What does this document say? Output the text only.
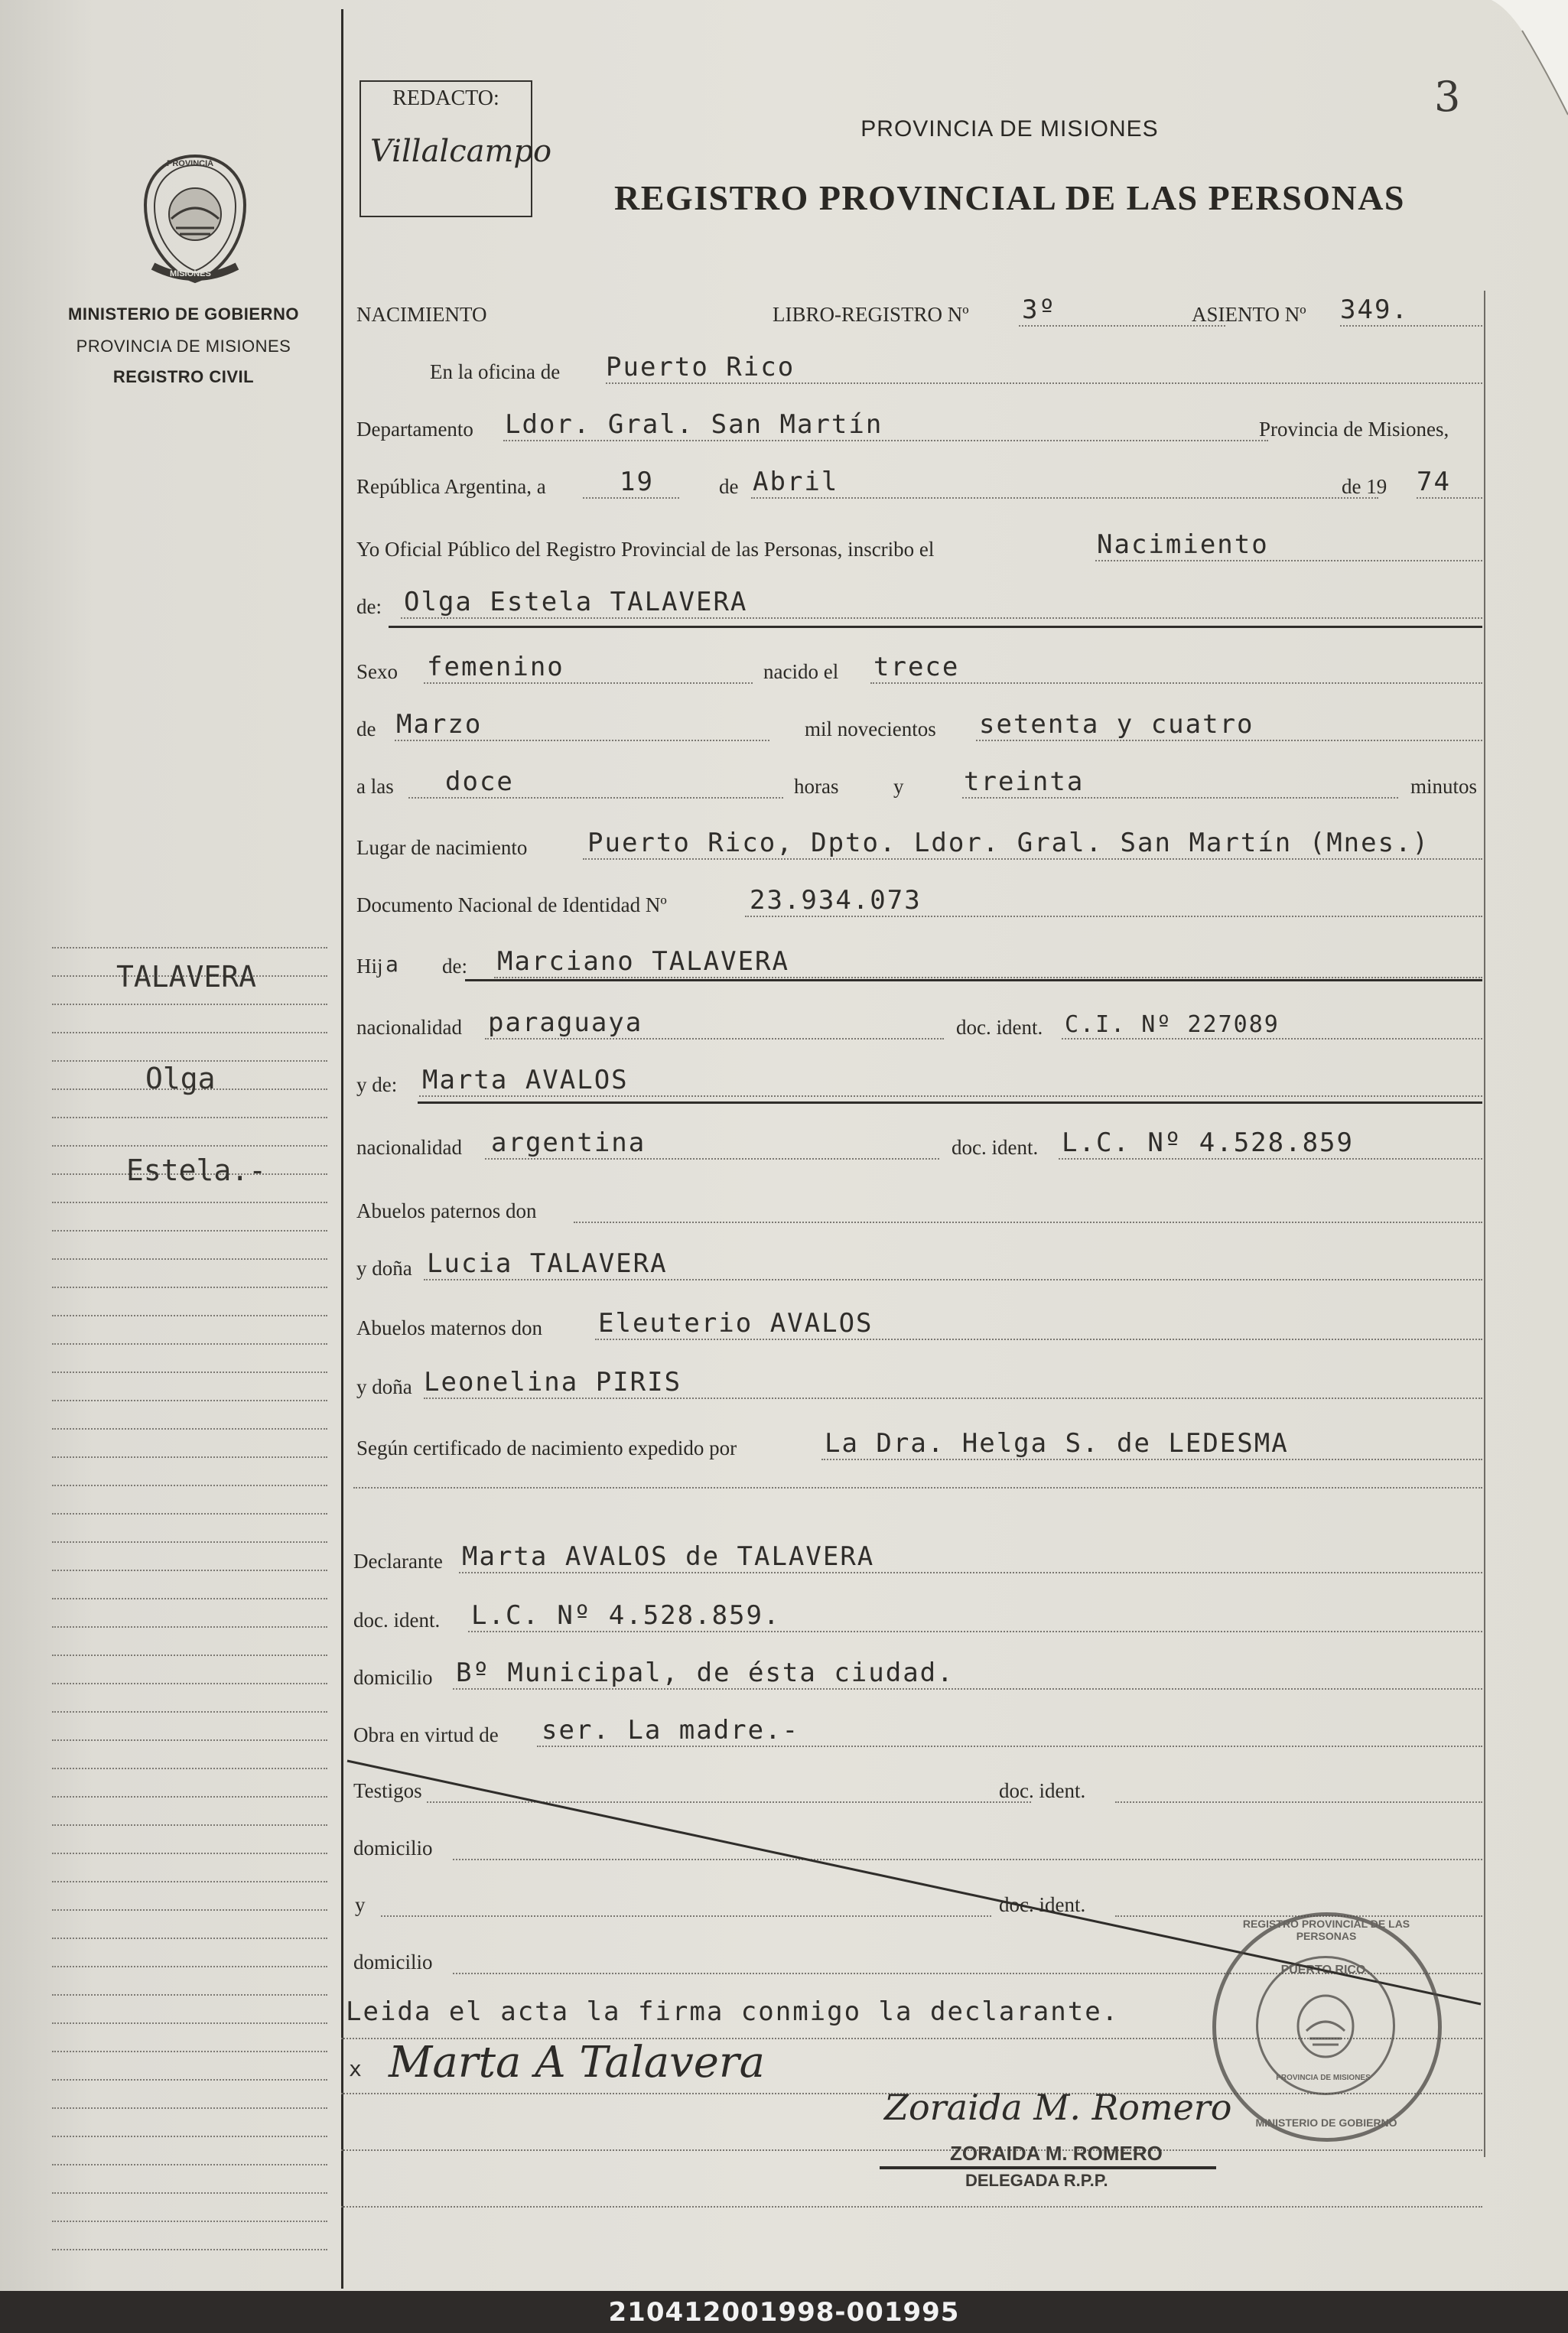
3
PROVINCIA
MISIONES
MINISTERIO DE GOBIERNO
PROVINCIA DE MISIONES
REGISTRO CIVIL
TALAVERA
Olga
Estela.-
REDACTO:
Villalcampo
PROVINCIA DE MISIONES
REGISTRO PROVINCIAL DE LAS PERSONAS
NACIMIENTO	LIBRO-REGISTRO Nº 3º	ASIENTO Nº 349.
En la oficina de Puerto Rico
Departamento Ldor. Gral. San Martín	Provincia de Misiones,
República Argentina, a	19	de Abril	de 19 74
Yo Oficial Público del Registro Provincial de las Personas, inscribo el	Nacimiento
de: Olga Estela TALAVERA
Sexo femenino	nacido el trece
de Marzo	mil novecientos setenta y cuatro
a las doce	horas	y treinta	minutos
Lugar de nacimiento Puerto Rico, Dpto. Ldor. Gral. San Martín (Mnes.)
Documento Nacional de Identidad Nº	23.934.073
Hij a de: Marciano TALAVERA
nacionalidad paraguaya	doc. ident. C.I. Nº 227089
y de: Marta AVALOS
nacionalidad argentina	doc. ident. L.C. Nº 4.528.859
Abuelos paternos don
y doña Lucia TALAVERA
Abuelos maternos don Eleuterio AVALOS
y doña Leonelina PIRIS
Según certificado de nacimiento expedido por	La Dra. Helga S. de LEDESMA
Declarante Marta AVALOS de TALAVERA
doc. ident. L.C. Nº 4.528.859.
domicilio Bº Municipal, de ésta ciudad.
Obra en virtud de ser. La madre.-
Testigos	doc. ident.
domicilio
y	doc. ident.
domicilio
Leida el acta la firma conmigo la declarante.
x Marta A Talavera
Zoraida M. Romero
ZORAIDA M. ROMERO
DELEGADA R.P.P.
REGISTRO PROVINCIAL DE LAS PERSONAS
PUERTO RICO
PROVINCIA DE MISIONES
MINISTERIO DE GOBIERNO
210412001998-001995
